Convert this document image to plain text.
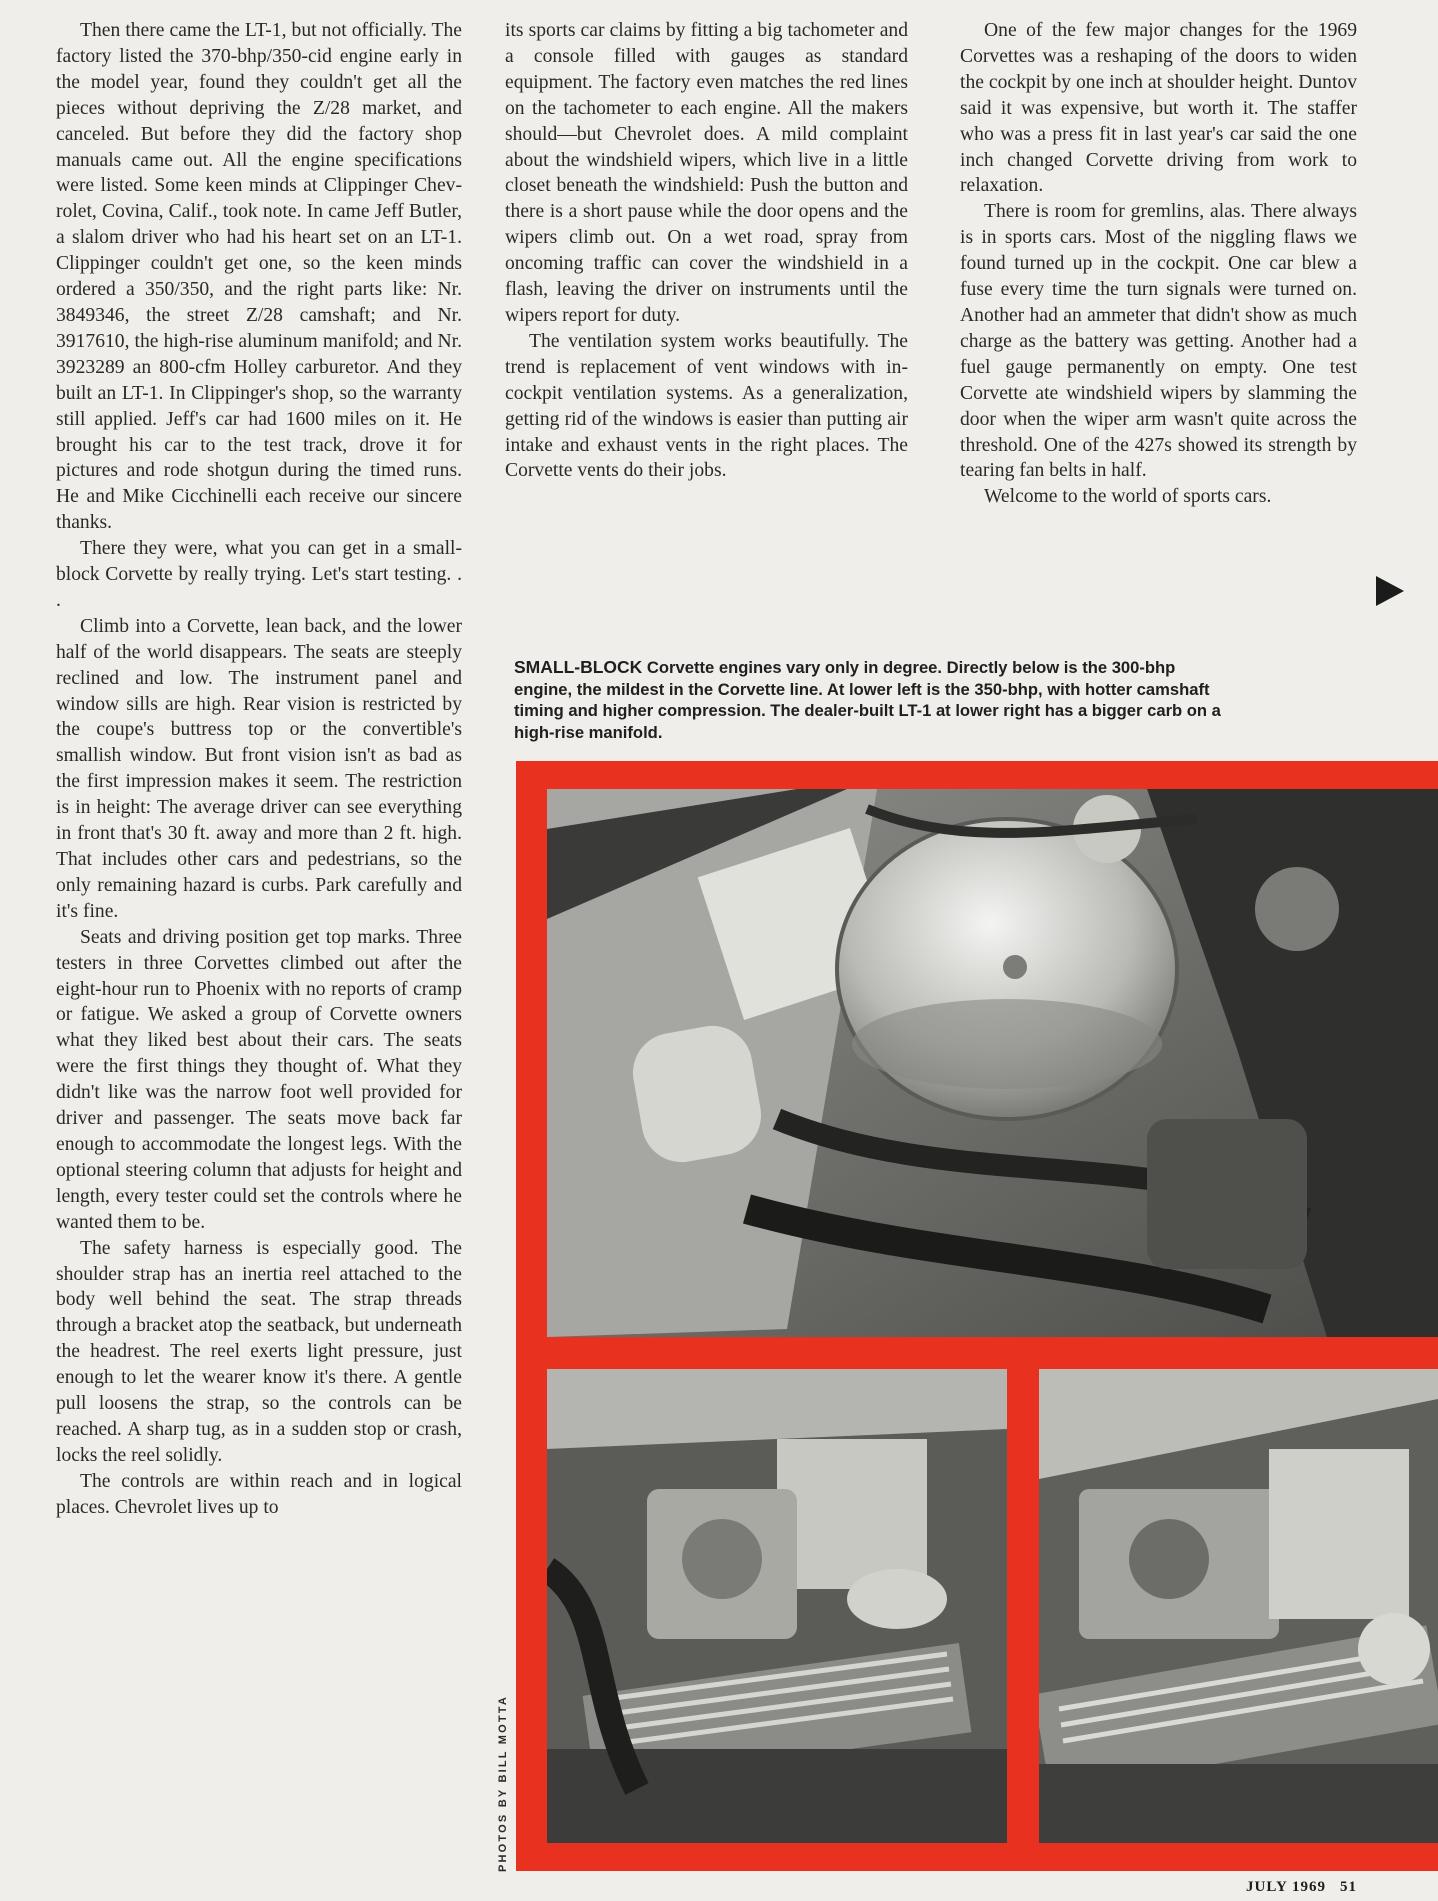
Then there came the LT-1, but not officially. The factory listed the 370-bhp/350-cid engine early in the model year, found they couldn't get all the pieces without depriving the Z/28 market, and canceled. But before they did the factory shop manuals came out. All the engine specifications were listed. Some keen minds at Clippinger Chevrolet, Covina, Calif., took note. In came Jeff Butler, a slalom driver who had his heart set on an LT-1. Clippinger couldn't get one, so the keen minds ordered a 350/350, and the right parts like: Nr. 3849346, the street Z/28 camshaft; and Nr. 3917610, the high-rise aluminum manifold; and Nr. 3923289 an 800-cfm Holley carburetor. And they built an LT-1. In Clippinger's shop, so the warranty still applied. Jeff's car had 1600 miles on it. He brought his car to the test track, drove it for pictures and rode shotgun during the timed runs. He and Mike Cicchinelli each receive our sincere thanks.

There they were, what you can get in a small-block Corvette by really trying. Let's start testing. . .

Climb into a Corvette, lean back, and the lower half of the world disappears. The seats are steeply reclined and low. The instrument panel and window sills are high. Rear vision is restricted by the coupe's buttress top or the convertible's smallish window. But front vision isn't as bad as the first impression makes it seem. The restriction is in height: The average driver can see everything in front that's 30 ft. away and more than 2 ft. high. That includes other cars and pedestrians, so the only remaining hazard is curbs. Park carefully and it's fine.

Seats and driving position get top marks. Three testers in three Corvettes climbed out after the eight-hour run to Phoenix with no reports of cramp or fatigue. We asked a group of Corvette owners what they liked best about their cars. The seats were the first things they thought of. What they didn't like was the narrow foot well provided for driver and passenger. The seats move back far enough to accommodate the longest legs. With the optional steering column that adjusts for height and length, every tester could set the controls where he wanted them to be.

The safety harness is especially good. The shoulder strap has an inertia reel attached to the body well behind the seat. The strap threads through a bracket atop the seatback, but underneath the headrest. The reel exerts light pressure, just enough to let the wearer know it's there. A gentle pull loosens the strap, so the controls can be reached. A sharp tug, as in a sudden stop or crash, locks the reel solidly.

The controls are within reach and in logical places. Chevrolet lives up to

its sports car claims by fitting a big tachometer and a console filled with gauges as standard equipment. The factory even matches the red lines on the tachometer to each engine. All the makers should—but Chevrolet does. A mild complaint about the windshield wipers, which live in a little closet beneath the windshield: Push the button and there is a short pause while the door opens and the wipers climb out. On a wet road, spray from oncoming traffic can cover the windshield in a flash, leaving the driver on instruments until the wipers report for duty.

The ventilation system works beautifully. The trend is replacement of vent windows with in-cockpit ventilation systems. As a generalization, getting rid of the windows is easier than putting air intake and exhaust vents in the right places. The Corvette vents do their jobs.

One of the few major changes for the 1969 Corvettes was a reshaping of the doors to widen the cockpit by one inch at shoulder height. Duntov said it was expensive, but worth it. The staffer who was a press fit in last year's car said the one inch changed Corvette driving from work to relaxation.

There is room for gremlins, alas. There always is in sports cars. Most of the niggling flaws we found turned up in the cockpit. One car blew a fuse every time the turn signals were turned on. Another had an ammeter that didn't show as much charge as the battery was getting. Another had a fuel gauge permanently on empty. One test Corvette ate windshield wipers by slamming the door when the wiper arm wasn't quite across the threshold. One of the 427s showed its strength by tearing fan belts in half.

Welcome to the world of sports cars.

SMALL-BLOCK Corvette engines vary only in degree. Directly below is the 300-bhp engine, the mildest in the Corvette line. At lower left is the 350-bhp, with hotter camshaft timing and higher compression. The dealer-built LT-1 at lower right has a bigger carb on a high-rise manifold.
PHOTOS BY BILL MOTTA
JULY 1969 51
